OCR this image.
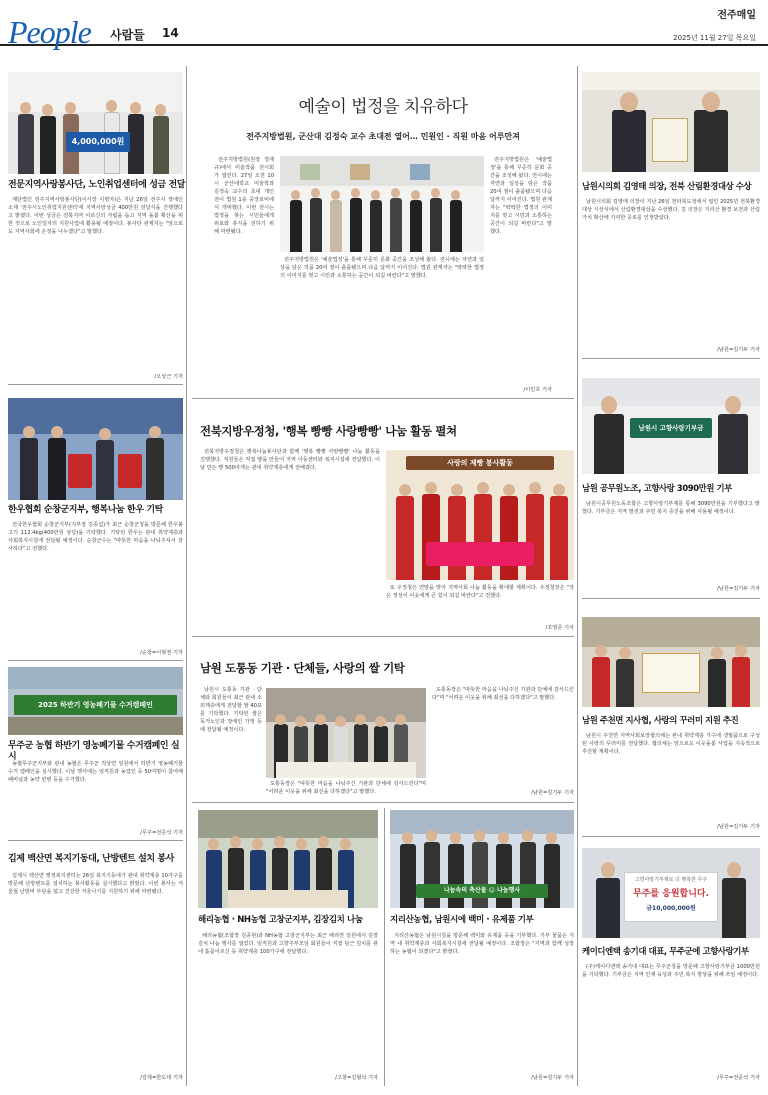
People 사람들 14
전주매일
2025년 11월 27일 목요일
4,000,000원
전문지역사랑봉사단, 노인취업센터에 성금 전달

재단법인 전주지역사랑봉사단(이사장 이병자)은 지난 26일 전주시 장애인 소재 '전주시노인취업지원센터'에 지역사랑성금 400만원 전달식을 진행했다고 밝혔다. 이번 성금은 전북지역 어르신의 자립을 돕고 지역 돌봄 확산을 위한 것으로 노인일자리 지원사업에 활용될 예정이다. 봉사단 관계자는 "앞으로도 지역사회에 온정을 나누겠다"고 말했다.

/오상근 기자
한우협회 순창군지부, 행복나눔 한우 기탁

전국한우협회 순창군지부(지부장 김종섭)가 최근 순창군청을 방문해 한우불고기 112.4kg(400만원 상당)을 기탁했다. 기탁된 한우는 관내 취약계층과 사회복지시설에 전달될 예정이다. 순창군수는 "따뜻한 마음을 나눠주셔서 감사하다"고 전했다.

/순창=이형권 기자
2025 하반기 영농폐기물 수거캠페인
무주군 농협 하반기 영농폐기물 수거캠페인 실시

농협무주군지부와 관내 농협은 무주군 적상면 일원에서 하반기 영농폐기물 수거 캠페인을 실시했다. 이날 행사에는 임직원과 농업인 등 50여명이 참여해 폐비닐과 농약 빈병 등을 수거했다.

/무주=전준석 기자
김제 백산면 복지기동대, 난방텐트 설치 봉사

김제시 백산면 행정복지센터는 26일 복지기동대가 관내 취약계층 10가구를 방문해 난방텐트를 설치하는 봉사활동을 실시했다고 밝혔다. 이번 봉사는 겨울철 난방비 부담을 덜고 건강한 겨울나기를 지원하기 위해 마련됐다.

/김제=한도대 기자
예술이 법정을 치유하다
전주지방법원, 군산대 김정숙 교수 초대전 열어… 민원인 · 직원 마음 어루만져

전주지방법원(원장 정재규)에서 미술작품 전시회가 열린다. 27일 오전 10시 군산대학교 미술학과 김정숙 교수의 초대 개인전이 법원 1층 중앙로비에서 개막했다. 이번 전시는 법정을 찾는 시민들에게 위로와 휴식을 전하기 위해 마련됐다.

전주지방법원은 '예술법정'을 통해 꾸준히 문화 공간을 조성해 왔다. 전시에는 자연과 일상을 담은 작품 20여 점이 출품됐으며 다음 달까지 이어진다. 법원 관계자는 "딱딱한 법정의 이미지를 벗고 시민과 소통하는 공간이 되길 바란다"고 말했다.

전주지방법원은 '예술법정'을 통해 꾸준히 문화 공간을 조성해 왔다. 전시에는 자연과 일상을 담은 작품 20여 점이 출품됐으며 다음 달까지 이어진다. 법원 관계자는 "딱딱한 법정의 이미지를 벗고 시민과 소통하는 공간이 되길 바란다"고 말했다.

/이민호 기자
전북지방우정청, '행복 빵빵 사랑빵빵' 나눔 활동 펼쳐

전북지방우정청은 행복나눔봉사단과 함께 '행복 빵빵 사랑빵빵' 나눔 활동을 진행했다. 직원들은 직접 빵을 만들어 지역 아동센터와 복지시설에 전달했다. 이날 만든 빵 500여개는 관내 취약계층에게 전해졌다.

사랑의 제빵 봉사활동

또 우정청은 연말을 맞아 지역사회 나눔 활동을 확대할 계획이다. 우정청장은 "작은 정성이 이웃에게 큰 힘이 되길 바란다"고 전했다.

/조영준 기자
남원 도통동 기관 · 단체들, 사랑의 쌀 기탁

남원시 도통동 기관 · 단체와 회원들이 최근 관내 소외계층에게 전달할 쌀 40포를 기탁했다. 기탁된 쌀은 독거노인과 장애인 가정 등에 전달될 예정이다.

도통동장은 "따뜻한 마음을 나눠주신 기관과 단체에 감사드린다"며 "어려운 이웃을 위해 최선을 다하겠다"고 말했다.

도통동장은 "따뜻한 마음을 나눠주신 기관과 단체에 감사드린다"며 "어려운 이웃을 위해 최선을 다하겠다"고 말했다.

/남원=김기두 기자
해리농협 · NH농협 고창군지부, 김장김치 나눔

해리농협(조합장 김종현)과 NH농협 고창군지부는 최근 해리면 일원에서 김장김치 나눔 행사를 열었다. 임직원과 고향주부모임 회원들이 직접 담근 김치를 관내 홀몸어르신 등 취약계층 100가구에 전달했다.

/고창=김형석 기자
나눔속의 축산물 ☺ 나눔행사
지리산농협, 남원시에 백미 · 유제품 기부

지리산농협은 남원시청을 방문해 백미와 유제품 등을 기부했다. 기부 물품은 지역 내 취약계층과 사회복지시설에 전달될 예정이다. 조합장은 "지역과 함께 성장하는 농협이 되겠다"고 밝혔다.

/남원=김기두 기자
남원시의회 김영태 의장, 전북 산림환경대상 수상

남원시의회 김영태 의장이 지난 26일 전라북도청에서 열린 2025년 전북환경대상 시상식에서 산림환경대상을 수상했다. 김 의장은 지리산 환경 보전과 산림 가치 확산에 기여한 공로를 인정받았다.

/남원=김기두 기자
남원시 고향사랑기부금
남원 공무원노조, 고향사랑 3090만원 기부

남원시공무원노동조합은 고향사랑기부제를 통해 3090만원을 기부했다고 밝혔다. 기부금은 지역 발전과 주민 복지 증진을 위해 사용될 예정이다.

/남원=김기두 기자
남원 주천면 지사협, 사랑의 꾸러미 지원 추진

남원시 주천면 지역사회보장협의체는 관내 취약계층 가구에 생필품으로 구성된 사랑의 꾸러미를 전달했다. 협의체는 앞으로도 이웃돌봄 사업을 지속적으로 추진할 계획이다.

/남원=김기두 기자
고향사랑기부제로 더 행복한 무주
무주를 응원합니다.
금10,000,000원
케이디엔택 송기대 대표, 무주군에 고향사랑기부

(주)케이디엔택 송기대 대표는 무주군청을 방문해 고향사랑기부금 1000만원을 기탁했다. 기부금은 지역 인재 육성과 주민 복지 향상을 위해 쓰일 예정이다.

/무주=전준석 기자
